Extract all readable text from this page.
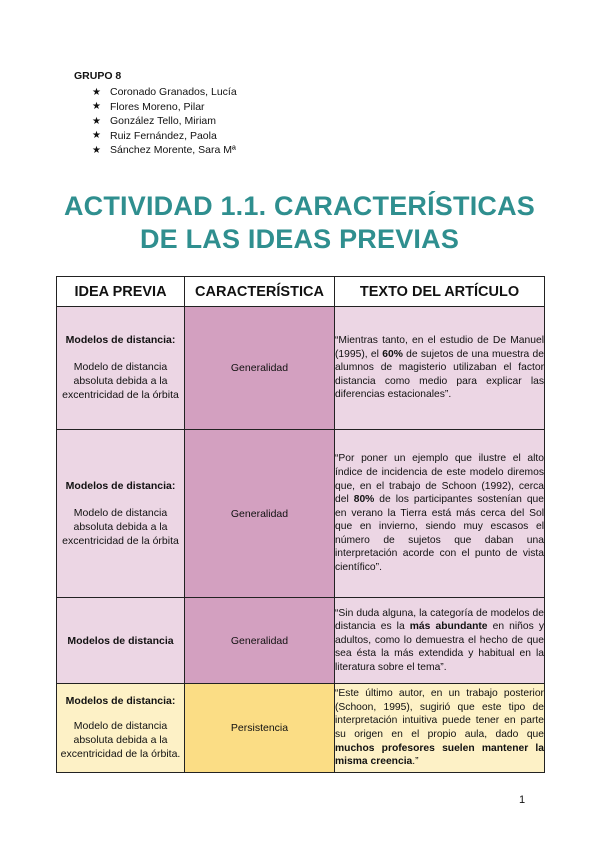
GRUPO 8
★ Coronado Granados, Lucía
★ Flores Moreno, Pilar
★ González Tello, Miriam
★ Ruiz Fernández, Paola
★ Sánchez Morente, Sara Mª
ACTIVIDAD 1.1. CARACTERÍSTICAS
DE LAS IDEAS PREVIAS
IDEA PREVIA	CARACTERÍSTICA	TEXTO DEL ARTÍCULO

Modelos de distancia:
Modelo de distancia absoluta debida a la excentricidad de la órbita	Generalidad	“Mientras tanto, en el estudio de De Manuel (1995), el 60% de sujetos de una muestra de alumnos de magisterio utilizaban el factor distancia como medio para explicar las diferencias estacionales”.

Modelos de distancia:
Modelo de distancia absoluta debida a la excentricidad de la órbita	Generalidad	“Por poner un ejemplo que ilustre el alto índice de incidencia de este modelo diremos que, en el trabajo de Schoon (1992), cerca del 80% de los participantes sostenían que en verano la Tierra está más cerca del Sol que en invierno, siendo muy escasos el número de sujetos que daban una interpretación acorde con el punto de vista científico”.

Modelos de distancia	Generalidad	“Sin duda alguna, la categoría de modelos de distancia es la más abundante en niños y adultos, como lo demuestra el hecho de que sea ésta la más extendida y habitual en la literatura sobre el tema”.

Modelos de distancia:
Modelo de distancia absoluta debida a la excentricidad de la órbita.	Persistencia	“Este último autor, en un trabajo posterior (Schoon, 1995), sugirió que este tipo de interpretación intuitiva puede tener en parte su origen en el propio aula, dado que muchos profesores suelen mantener la misma creencia.”
1
